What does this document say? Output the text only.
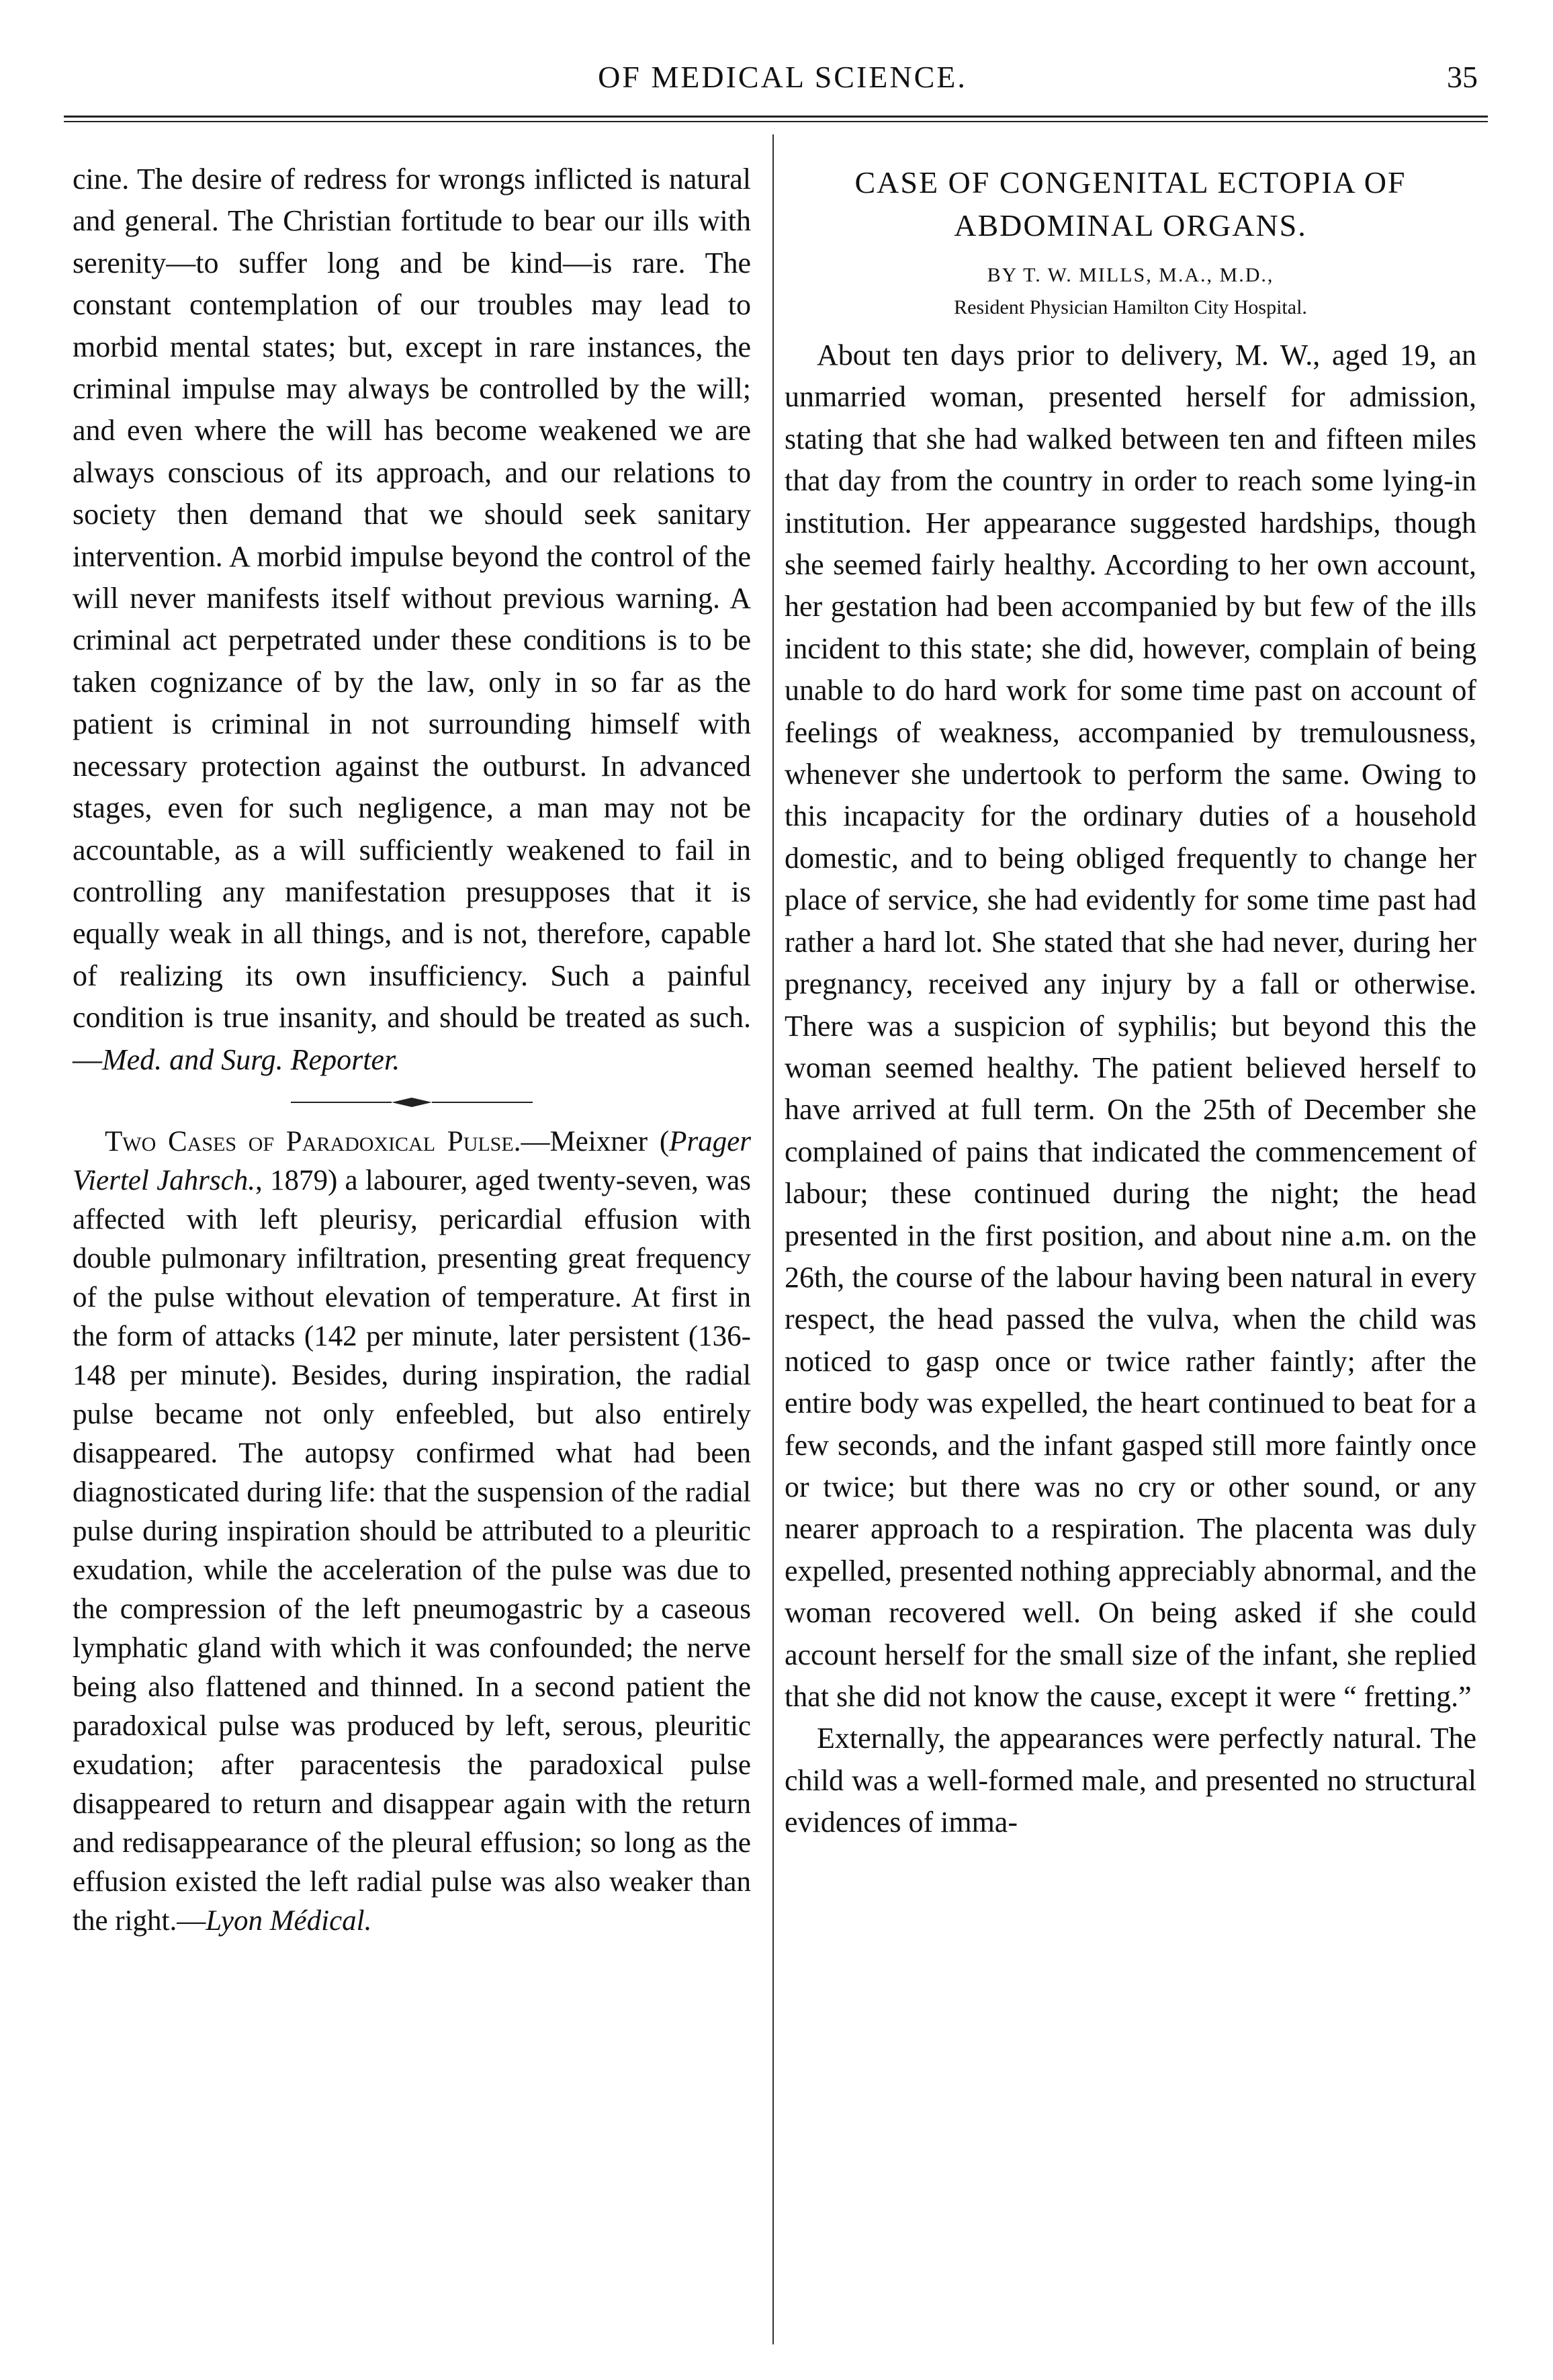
OF MEDICAL SCIENCE.	35

cine. The desire of redress for wrongs inflicted is natural and general. The Christian fortitude to bear our ills with serenity—to suffer long and be kind—is rare. The constant contemplation of our troubles may lead to morbid mental states; but, except in rare instances, the criminal impulse may always be controlled by the will; and even where the will has become weakened we are always conscious of its approach, and our relations to society then demand that we should seek sanitary intervention. A morbid impulse beyond the control of the will never manifests itself without previous warning. A criminal act perpetrated under these conditions is to be taken cognizance of by the law, only in so far as the patient is criminal in not surrounding himself with necessary protection against the outburst. In advanced stages, even for such negligence, a man may not be accountable, as a will sufficiently weakened to fail in controlling any manifestation presupposes that it is equally weak in all things, and is not, therefore, capable of realizing its own insufficiency. Such a painful condition is true insanity, and should be treated as such.—Med. and Surg. Reporter.

Two Cases of Paradoxical Pulse.—Meixner (Prager Viertel Jahrsch., 1879) a labourer, aged twenty-seven, was affected with left pleurisy, pericardial effusion with double pulmonary infiltration, presenting great frequency of the pulse without elevation of temperature. At first in the form of attacks (142 per minute, later persistent (136-148 per minute). Besides, during inspiration, the radial pulse became not only enfeebled, but also entirely disappeared. The autopsy confirmed what had been diagnosticated during life: that the suspension of the radial pulse during inspiration should be attributed to a pleuritic exudation, while the acceleration of the pulse was due to the compression of the left pneumogastric by a caseous lymphatic gland with which it was confounded; the nerve being also flattened and thinned. In a second patient the paradoxical pulse was produced by left, serous, pleuritic exudation; after paracentesis the paradoxical pulse disappeared to return and disappear again with the return and redisappearance of the pleural effusion; so long as the effusion existed the left radial pulse was also weaker than the right.—Lyon Médical.

CASE OF CONGENITAL ECTOPIA OF
ABDOMINAL ORGANS.
BY T. W. MILLS, M.A., M.D.,
Resident Physician Hamilton City Hospital.

About ten days prior to delivery, M. W., aged 19, an unmarried woman, presented herself for admission, stating that she had walked between ten and fifteen miles that day from the country in order to reach some lying-in institution. Her appearance suggested hardships, though she seemed fairly healthy. According to her own account, her gestation had been accompanied by but few of the ills incident to this state; she did, however, complain of being unable to do hard work for some time past on account of feelings of weakness, accompanied by tremulousness, whenever she undertook to perform the same. Owing to this incapacity for the ordinary duties of a household domestic, and to being obliged frequently to change her place of service, she had evidently for some time past had rather a hard lot. She stated that she had never, during her pregnancy, received any injury by a fall or otherwise. There was a suspicion of syphilis; but beyond this the woman seemed healthy. The patient believed herself to have arrived at full term. On the 25th of December she complained of pains that indicated the commencement of labour; these continued during the night; the head presented in the first position, and about nine a.m. on the 26th, the course of the labour having been natural in every respect, the head passed the vulva, when the child was noticed to gasp once or twice rather faintly; after the entire body was expelled, the heart continued to beat for a few seconds, and the infant gasped still more faintly once or twice; but there was no cry or other sound, or any nearer approach to a respiration. The placenta was duly expelled, presented nothing appreciably abnormal, and the woman recovered well. On being asked if she could account herself for the small size of the infant, she replied that she did not know the cause, except it were “ fretting.”

Externally, the appearances were perfectly natural. The child was a well-formed male, and presented no structural evidences of imma-
